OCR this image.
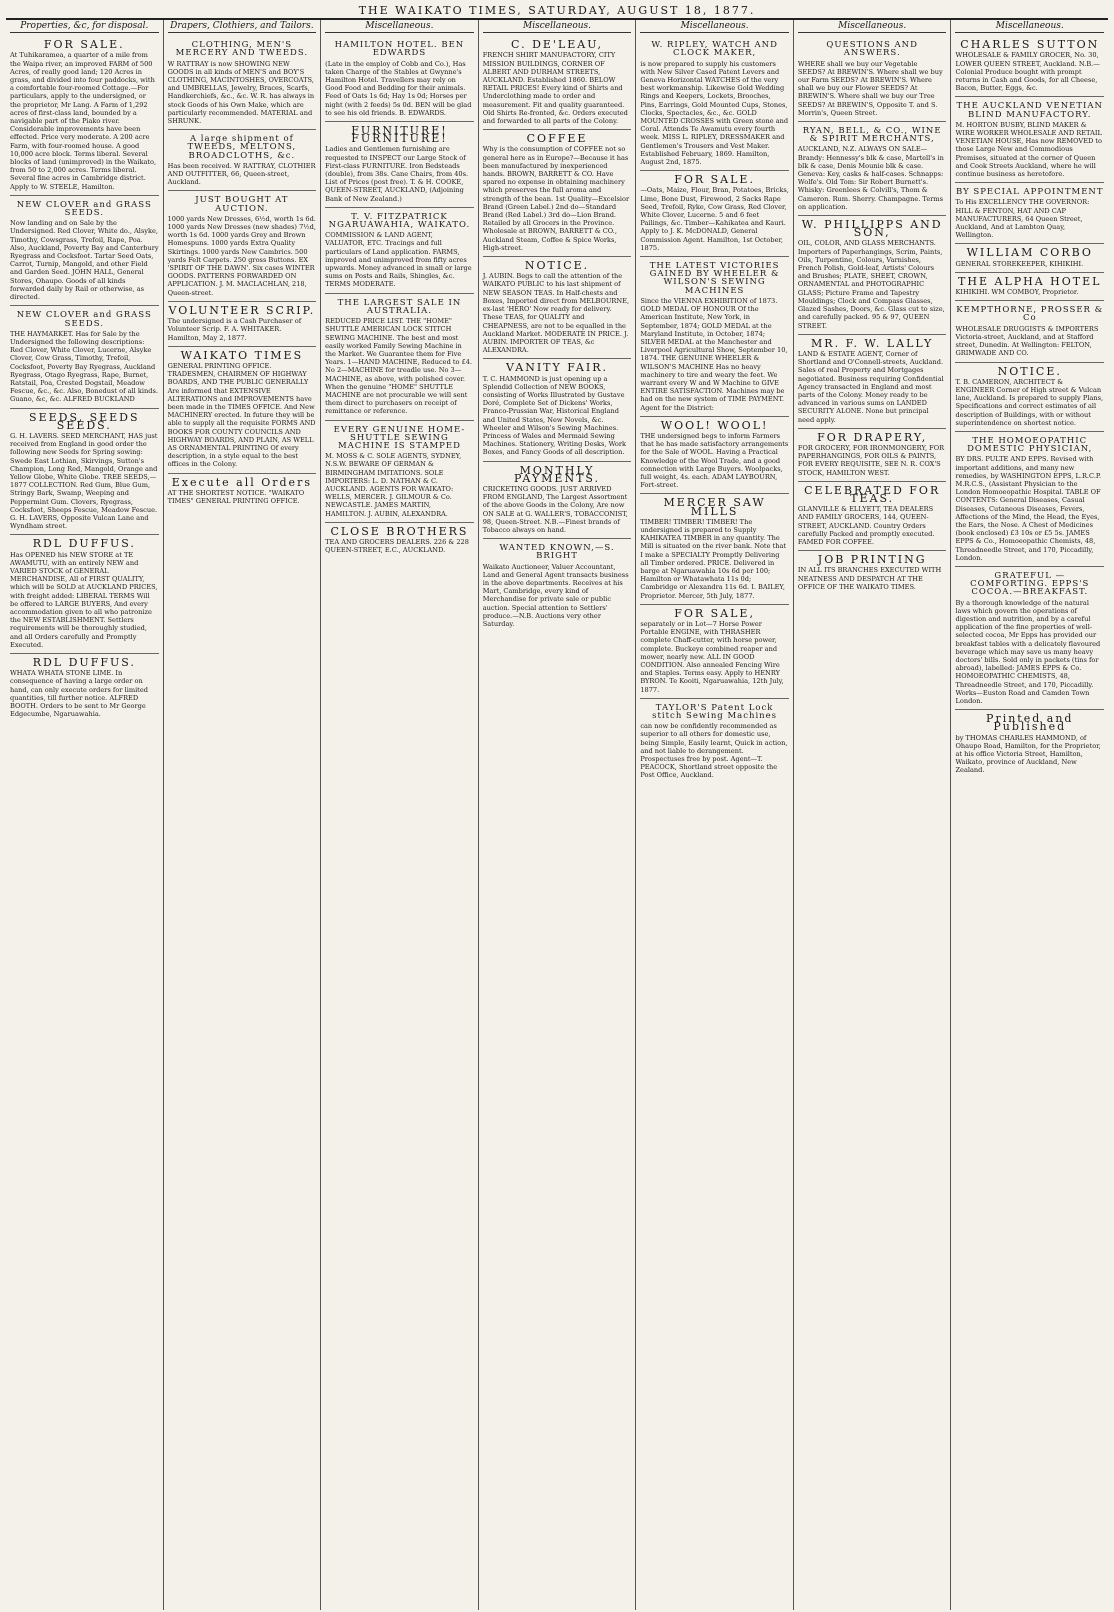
THE WAIKATO TIMES, SATURDAY, AUGUST 18, 1877.
Properties, &c, for disposal.
FOR SALE.
At Tuhikaramea, a quarter of a mile from the Waipa river, an improved FARM of 500 Acres, of really good land; 120 Acres in grass, and divided into four paddocks, with a comfortable four-roomed Cottage.—For particulars, apply to the undersigned, or the proprietor, Mr Lang. A Farm of 1,292 acres of first-class land, bounded by a navigable part of the Piako river. Considerable improvements have been effected. Price very moderate. A 200 acre Farm, with four-roomed house. A good 10,000 acre block. Terms liberal. Several blocks of land (unimproved) in the Waikato, from 50 to 2,000 acres. Terms liberal. Several fine acres in Cambridge district. Apply to W. STEELE, Hamilton.
NEW CLOVER and GRASS SEEDS.
Now landing and on Sale by the Undersigned. Red Clover, White do., Alsyke, Timothy, Cowsgrass, Trefoil, Rape, Poa. Also, Auckland, Poverty Bay and Canterbury Ryegrass and Cocksfoot. Tartar Seed Oats, Carrot, Turnip, Mangold, and other Field and Garden Seed. JOHN HALL, General Stores, Ohaupo. Goods of all kinds forwarded daily by Rail or otherwise, as directed.
NEW CLOVER and GRASS SEEDS.
THE HAYMARKET. Has for Sale by the Undersigned the following descriptions: Red Clover, White Clover, Lucerne, Alsyke Clover, Cow Grass, Timothy, Trefoil, Cocksfoot, Poverty Bay Ryegrass, Auckland Ryegrass, Otago Ryegrass, Rape, Burnet, Ratstail, Poa, Crested Dogstail, Meadow Fescue, &c., &c. Also, Bonedust of all kinds. Guano, &c, &c. ALFRED BUCKLAND
SEEDS, SEEDS SEEDS.
G. H. LAVERS. SEED MERCHANT, HAS just received from England in good order the following new Seeds for Spring sowing: Swede East Lothian, Skirvings, Sutton's Champion, Long Red, Mangold, Orange and Yellow Globe, White Globe. TREE SEEDS,—1877 COLLECTION. Red Gum, Blue Gum, Stringy Bark, Swamp, Weeping and Peppermint Gum. Clovers, Ryegrass, Cocksfoot, Sheeps Fescue, Meadow Fescue. G. H. LAVERS, Opposite Vulcan Lane and Wyndham street.
RDL DUFFUS.
Has OPENED his NEW STORE at TE AWAMUTU, with an entirely NEW and VARIED STOCK of GENERAL MERCHANDISE, All of FIRST QUALITY, which will be SOLD at AUCKLAND PRICES, with freight added: LIBERAL TERMS Will be offered to LARGE BUYERS, And every accommodation given to all who patronize the NEW ESTABLISHMENT. Settlers requirements will be thoroughly studied, and all Orders carefully and Promptly Executed.
RDL DUFFUS.
WHATA WHATA STONE LIME. In consequence of having a large order on hand, can only execute orders for limited quantities, till further notice. ALFRED BOOTH. Orders to be sent to Mr George Edgecumbe, Ngaruawahia.
Drapers, Clothiers, and Tailors.
CLOTHING, MEN'S MERCERY AND TWEEDS.
W RATTRAY is now SHOWING NEW GOODS in all kinds of MEN'S and BOY'S CLOTHING, MACINTOSHES, OVERCOATS, and UMBRELLAS, Jewelry, Braces, Scarfs, Handkerchiefs, &c., &c. W. R. has always in stock Goods of his Own Make, which are particularly recommended. MATERIAL and SHRUNK.
A large shipment of TWEEDS, MELTONS, BROADCLOTHS, &c.
Has been received. W RATTRAY, CLOTHIER AND OUTFITTER, 66, Queen-street, Auckland.
JUST BOUGHT AT AUCTION.
1000 yards New Dresses, 6½d, worth 1s 6d. 1000 yards New Dresses (new shades) 7½d, worth 1s 6d. 1000 yards Grey and Brown Homespuns. 1000 yards Extra Quality Skirtings. 1000 yards New Cambrics. 500 yards Felt Carpets. 250 gross Buttons. EX 'SPIRIT OF THE DAWN'. Six cases WINTER GOODS. PATTERNS FORWARDED ON APPLICATION. J. M. MACLACHLAN, 218, Queen-street.
VOLUNTEER SCRIP.
The undersigned is a Cash Purchaser of Volunteer Scrip. F. A. WHITAKER. Hamilton, May 2, 1877.
WAIKATO TIMES
GENERAL PRINTING OFFICE. TRADESMEN, CHAIRMEN OF HIGHWAY BOARDS, AND THE PUBLIC GENERALLY Are informed that EXTENSIVE ALTERATIONS and IMPROVEMENTS have been made in the TIMES OFFICE. And New MACHINERY erected. In future they will be able to supply all the requisite FORMS AND BOOKS FOR COUNTY COUNCILS AND HIGHWAY BOARDS, AND PLAIN, AS WELL AS ORNAMENTAL PRINTING Of every description, in a style equal to the best offices in the Colony.
Execute all Orders
AT THE SHORTEST NOTICE. "WAIKATO TIMES" GENERAL PRINTING OFFICE.
Miscellaneous.
HAMILTON HOTEL. BEN EDWARDS
(Late in the employ of Cobb and Co.), Has taken Charge of the Stables at Gwynne's Hamilton Hotel. Travellers may rely on Good Food and Bedding for their animals. Feed of Oats 1s 6d; Hay 1s 0d; Horses per night (with 2 feeds) 5s 0d. BEN will be glad to see his old friends. B. EDWARDS.
FURNITURE! FURNITURE!
Ladies and Gentlemen furnishing are requested to INSPECT our Large Stock of First-class FURNITURE. Iron Bedsteads (double), from 38s. Cane Chairs, from 40s. List of Prices (post free). T. & H. COOKE, QUEEN-STREET, AUCKLAND, (Adjoining Bank of New Zealand.)
T. V. FITZPATRICK NGARUAWAHIA, WAIKATO.
COMMISSION & LAND AGENT, VALUATOR, ETC. Tracings and full particulars of Land application. FARMS, improved and unimproved from fifty acres upwards. Money advanced in small or large sums on Posts and Rails, Shingles, &c. TERMS MODERATE.
THE LARGEST SALE IN AUSTRALIA.
REDUCED PRICE LIST. THE "HOME" SHUTTLE AMERICAN LOCK STITCH SEWING MACHINE. The best and most easily worked Family Sewing Machine in the Market. We Guarantee them for Five Years. 1—HAND MACHINE, Reduced to £4. No 2—MACHINE for treadle use. No 3—MACHINE, as above, with polished cover. When the genuine "HOME" SHUTTLE MACHINE are not procurable we will sent them direct to purchasers on receipt of remittance or reference.
EVERY GENUINE HOME-SHUTTLE SEWING MACHINE IS STAMPED
M. MOSS & C. SOLE AGENTS, SYDNEY, N.S.W. BEWARE OF GERMAN & BIRMINGHAM IMITATIONS. SOLE IMPORTERS: L. D. NATHAN & C. AUCKLAND. AGENTS FOR WAIKATO: WELLS, MERCER. J. GILMOUR & Co. NEWCASTLE. JAMES MARTIN, HAMILTON. J. AUBIN, ALEXANDRA.
CLOSE BROTHERS
TEA AND GROCERS DEALERS. 226 & 228 QUEEN-STREET, E.C., AUCKLAND.
Miscellaneous.
C. DE'LEAU,
FRENCH SHIRT MANUFACTORY, CITY MISSION BUILDINGS, CORNER OF ALBERT AND DURHAM STREETS, AUCKLAND. Established 1860. BELOW RETAIL PRICES! Every kind of Shirts and Underclothing made to order and measurement. Fit and quality guaranteed. Old Shirts Re-fronted, &c. Orders executed and forwarded to all parts of the Colony.
COFFEE
Why is the consumption of COFFEE not so general here as in Europe?—Because it has been manufactured by inexperienced hands. BROWN, BARRETT & CO. Have spared no expense in obtaining machinery which preserves the full aroma and strength of the bean. 1st Quality—Excelsior Brand (Green Label.) 2nd do—Standard Brand (Red Label.) 3rd do—Lion Brand. Retailed by all Grocers in the Province. Wholesale at BROWN, BARRETT & CO., Auckland Steam, Coffee & Spice Works, High-street.
NOTICE.
J. AUBIN. Begs to call the attention of the WAIKATO PUBLIC to his last shipment of NEW SEASON TEAS. In Half-chests and Boxes, Imported direct from MELBOURNE, ex-last 'HERO' Now ready for delivery. These TEAS, for QUALITY and CHEAPNESS, are not to be equalled in the Auckland Market. MODERATE IN PRICE. J. AUBIN. IMPORTER OF TEAS, &c ALEXANDRA.
VANITY FAIR.
T. C. HAMMOND is just opening up a Splendid Collection of NEW BOOKS, consisting of Works Illustrated by Gustave Doré, Complete Set of Dickens' Works, Franco-Prussian War, Historical England and United States, New Novels, &c. Wheeler and Wilson's Sewing Machines. Princess of Wales and Mermaid Sewing Machines. Stationery, Writing Desks, Work Boxes, and Fancy Goods of all description.
MONTHLY PAYMENTS.
CRICKETING GOODS. JUST ARRIVED FROM ENGLAND, The Largest Assortment of the above Goods in the Colony, Are now ON SALE at G. WALLER'S, TOBACCONIST, 98, Queen-Street. N.B.—Finest brands of Tobacco always on hand.
WANTED KNOWN,—S. BRIGHT
Waikato Auctioneer, Valuer Accountant, Land and General Agent transacts business in the above departments. Receives at his Mart, Cambridge, every kind of Merchandise for private sale or public auction. Special attention to Settlers' produce.—N.B. Auctions very other Saturday.
Miscellaneous.
W. RIPLEY, WATCH AND CLOCK MAKER,
is now prepared to supply his customers with New Silver Cased Patent Levers and Geneva Horizontal WATCHES of the very best workmanship. Likewise Gold Wedding Rings and Keepers, Lockets, Brooches, Pins, Earrings, Gold Mounted Cups, Stones, Clocks, Spectacles, &c., &c. GOLD MOUNTED CROSSES with Green stone and Coral. Attends Te Awamutu every fourth week. MISS L. RIPLEY, DRESSMAKER and Gentlemen's Trousers and Vest Maker. Established February, 1869. Hamilton, August 2nd, 1875.
FOR SALE.
—Oats, Maize, Flour, Bran, Potatoes, Bricks, Lime, Bone Dust, Firewood, 2 Sacks Rape Seed, Trefoil, Ryke, Cow Grass, Red Clover, White Clover, Lucerne. 5 and 6 feet Pailings, &c. Timber—Kahikatea and Kauri. Apply to J. K. McDONALD, General Commission Agent. Hamilton, 1st October, 1875.
THE LATEST VICTORIES GAINED BY WHEELER & WILSON'S SEWING MACHINES
Since the VIENNA EXHIBITION of 1873. GOLD MEDAL OF HONOUR Of the American Institute, New York, in September, 1874; GOLD MEDAL at the Maryland Institute, in October, 1874; SILVER MEDAL at the Manchester and Liverpool Agricultural Show, September 10, 1874. THE GENUINE WHEELER & WILSON'S MACHINE Has no heavy machinery to tire and weary the feet. We warrant every W and W Machine to GIVE ENTIRE SATISFACTION. Machines may be had on the new system of TIME PAYMENT. Agent for the District:
WOOL! WOOL!
THE undersigned begs to inform Farmers that he has made satisfactory arrangements for the Sale of WOOL. Having a Practical Knowledge of the Wool Trade, and a good connection with Large Buyers. Woolpacks, full weight, 4s. each. ADAM LAYBOURN, Fort-street.
MERCER SAW MILLS
TIMBER! TIMBER! TIMBER! The undersigned is prepared to Supply KAHIKATEA TIMBER in any quantity. The Mill is situated on the river bank. Note that I make a SPECIALTY Promptly Delivering all Timber ordered. PRICE. Delivered in barge at Ngaruawahia 10s 6d per 100; Hamilton or Whatawhata 11s 0d; Cambridge or Alexandra 11s 6d. I. BAILEY, Proprietor. Mercer, 5th July, 1877.
FOR SALE,
separately or in Lot—7 Horse Power Portable ENGINE, with THRASHER complete Chaff-cutter, with horse power, complete. Buckeye combined reaper and mower, nearly new. ALL IN GOOD CONDITION. Also annealed Fencing Wire and Staples. Terms easy. Apply to HENRY BYRON. Te Kooiti, Ngaruawahia, 12th July, 1877.
TAYLOR'S Patent Lock stitch Sewing Machines
can now be confidently recommended as superior to all others for domestic use, being Simple, Easily learnt, Quick in action, and not liable to derangement. Prospectuses free by post. Agent—T. PEACOCK, Shortland street opposite the Post Office, Auckland.
Miscellaneous.
QUESTIONS AND ANSWERS.
WHERE shall we buy our Vegetable SEEDS? At BREWIN'S. Where shall we buy our Farm SEEDS? At BREWIN'S. Where shall we buy our Flower SEEDS? At BREWIN'S. Where shall we buy our Tree SEEDS? At BREWIN'S, Opposite T. and S. Morrin's, Queen Street.
RYAN, BELL, & CO., WINE & SPIRIT MERCHANTS,
AUCKLAND, N.Z. ALWAYS ON SALE—Brandy: Hennessy's blk & case, Martell's in blk & case, Denis Mounie blk & case. Geneva: Key, casks & half-cases. Schnapps: Wolfe's. Old Tom: Sir Robert Burnett's. Whisky: Greenlees & Colvill's, Thom & Cameron. Rum. Sherry. Champagne. Terms on application.
W. PHILLIPPS AND SON,
OIL, COLOR, AND GLASS MERCHANTS. Importers of Paperhangings, Scrim, Paints, Oils, Turpentine, Colours, Varnishes, French Polish, Gold-leaf, Artists' Colours and Brushes; PLATE, SHEET, CROWN, ORNAMENTAL and PHOTOGRAPHIC GLASS; Picture Frame and Tapestry Mouldings; Clock and Compass Glasses, Glazed Sashes, Doors, &c. Glass cut to size, and carefully packed. 95 & 97, QUEEN STREET.
MR. F. W. LALLY
LAND & ESTATE AGENT, Corner of Shortland and O'Connell-streets, Auckland. Sales of real Property and Mortgages negotiated. Business requiring Confidential Agency transacted in England and most parts of the Colony. Money ready to be advanced in various sums on LANDED SECURITY ALONE. None but principal need apply.
FOR DRAPERY,
FOR GROCERY, FOR IRONMONGERY, FOR PAPERHANGINGS, FOR OILS & PAINTS, FOR EVERY REQUISITE, SEE N. R. COX'S STOCK, HAMILTON WEST.
CELEBRATED FOR TEAS.
GLANVILLE & ELLYETT, TEA DEALERS AND FAMILY GROCERS, 144, QUEEN-STREET, AUCKLAND. Country Orders carefully Packed and promptly executed. FAMED FOR COFFEE.
JOB PRINTING
IN ALL ITS BRANCHES EXECUTED WITH NEATNESS AND DESPATCH AT THE OFFICE OF THE WAIKATO TIMES.
Miscellaneous.
CHARLES SUTTON
WHOLESALE & FAMILY GROCER, No. 30, LOWER QUEEN STREET, Auckland. N.B.—Colonial Produce bought with prompt returns in Cash and Goods, for all Cheese, Bacon, Butter, Eggs, &c.
THE AUCKLAND VENETIAN BLIND MANUFACTORY.
M. HORTON BUSBY, BLIND MAKER & WIRE WORKER WHOLESALE AND RETAIL VENETIAN HOUSE, Has now REMOVED to those Large New and Commodious Premises, situated at the corner of Queen and Cook Streets Auckland, where he will continue business as heretofore.
BY SPECIAL APPOINTMENT
To His EXCELLENCY THE GOVERNOR: HILL & FENTON, HAT AND CAP MANUFACTURERS, 64 Queen Street, Auckland, And at Lambton Quay, Wellington.
WILLIAM CORBO
GENERAL STOREKEEPER, KIHIKIHI.
THE ALPHA HOTEL
KIHIKIHI. WM COMBOY, Proprietor.
KEMPTHORNE, PROSSER & Co
WHOLESALE DRUGGISTS & IMPORTERS Victoria-street, Auckland, and at Stafford street, Dunedin. At Wellington: FELTON, GRIMWADE AND CO.
NOTICE.
T. B. CAMERON, ARCHITECT & ENGINEER Corner of High street & Vulcan lane, Auckland. Is prepared to supply Plans, Specifications and correct estimates of all description of Buildings, with or without superintendence on shortest notice.
THE HOMOEOPATHIC DOMESTIC PHYSICIAN,
BY DRS. PULTE AND EPPS. Revised with important additions, and many new remedies, by WASHINGTON EPPS, L.R.C.P. M.R.C.S., (Assistant Physician to the London Homoeopathic Hospital. TABLE OF CONTENTS: General Diseases, Casual Diseases, Cutaneous Diseases, Fevers, Affections of the Mind, the Head, the Eyes, the Ears, the Nose. A Chest of Medicines (book enclosed) £3 10s or £5 5s. JAMES EPPS & Co., Homoeopathic Chemists, 48, Threadneedle Street, and 170, Piccadilly, London.
GRATEFUL — COMFORTING. EPPS'S COCOA.—BREAKFAST.
By a thorough knowledge of the natural laws which govern the operations of digestion and nutrition, and by a careful application of the fine properties of well-selected cocoa, Mr Epps has provided our breakfast tables with a delicately flavoured beverage which may save us many heavy doctors' bills. Sold only in packets (tins for abroad), labelled: JAMES EPPS & Co. HOMOEOPATHIC CHEMISTS, 48, Threadneedle Street, and 170, Piccadilly. Works—Euston Road and Camden Town London.
Printed and Published
by THOMAS CHARLES HAMMOND, of Ohaupo Road, Hamilton, for the Proprietor, at his office Victoria Street, Hamilton, Waikato, province of Auckland, New Zealand.
